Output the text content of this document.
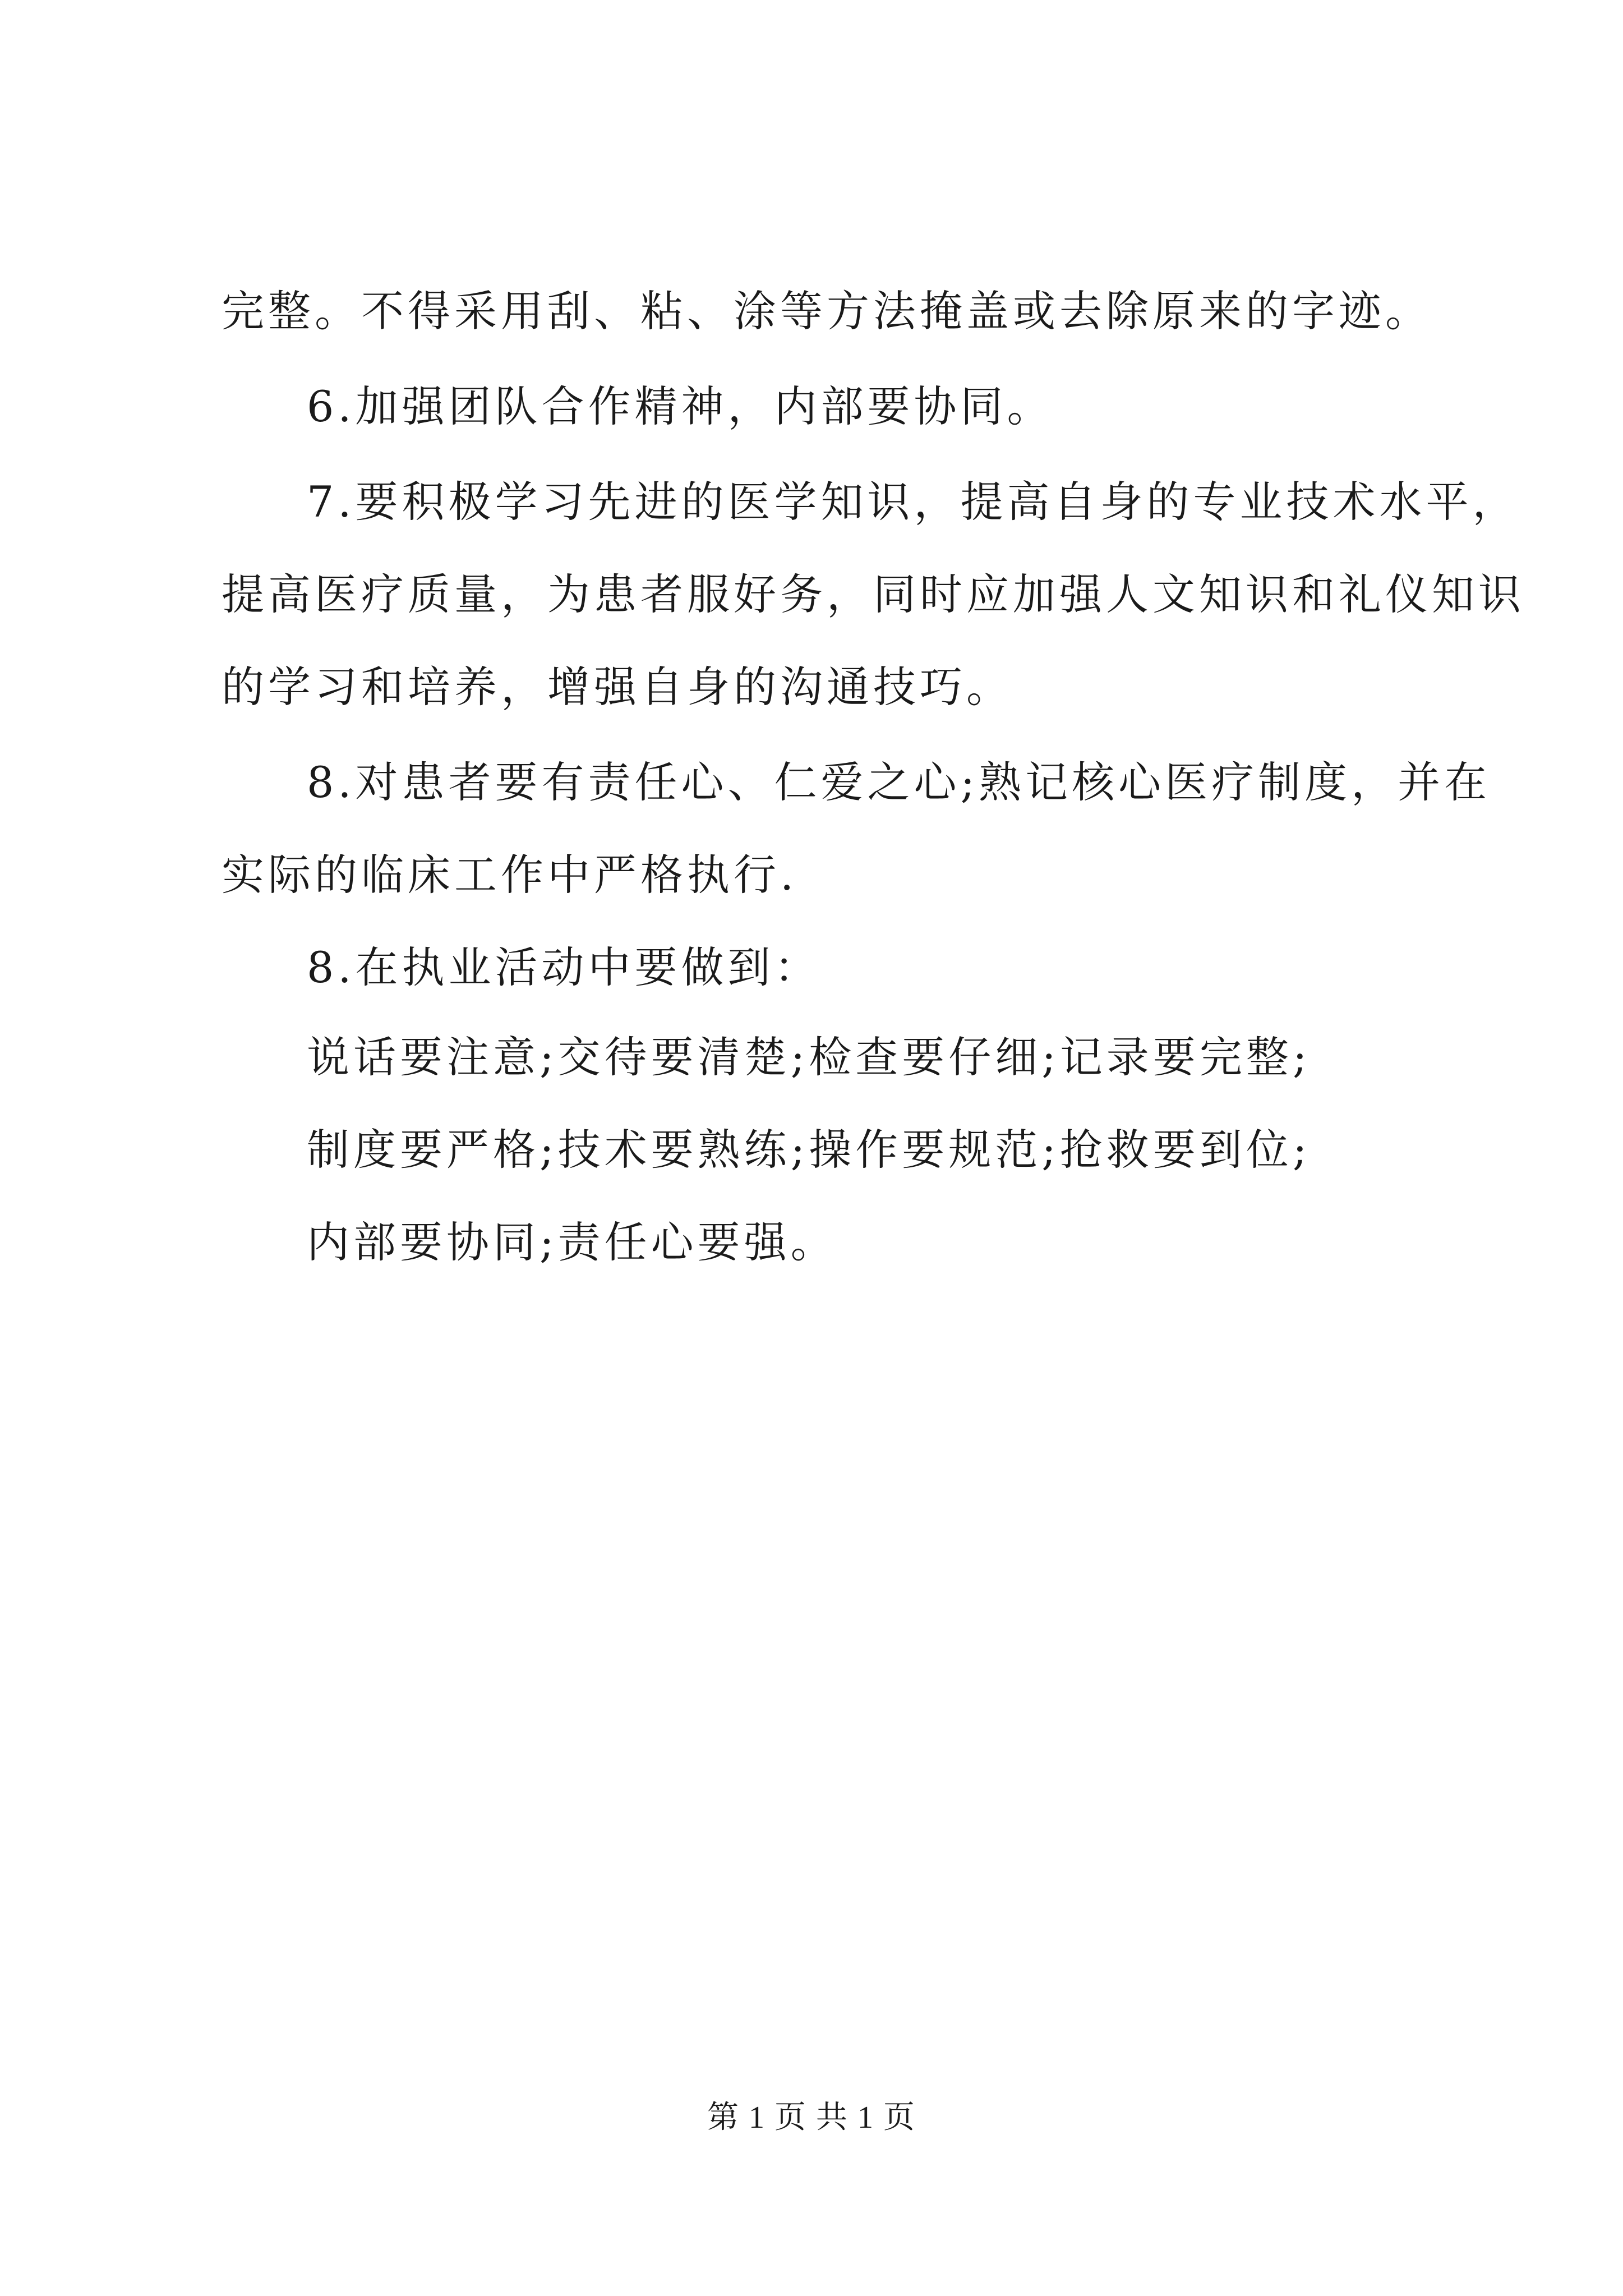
完整。不得采用刮、粘、涂等方法掩盖或去除原来的字迹。
6.加强团队合作精神，内部要协同。
7.要积极学习先进的医学知识，提高自身的专业技术水平，
提高医疗质量，为患者服好务，同时应加强人文知识和礼仪知识
的学习和培养，增强自身的沟通技巧。
8.对患者要有责任心、仁爱之心;熟记核心医疗制度，并在
实际的临床工作中严格执行.
8.在执业活动中要做到：
说话要注意;交待要清楚;检查要仔细;记录要完整;
制度要严格;技术要熟练;操作要规范;抢救要到位;
内部要协同;责任心要强。
第 1 页 共 1 页
